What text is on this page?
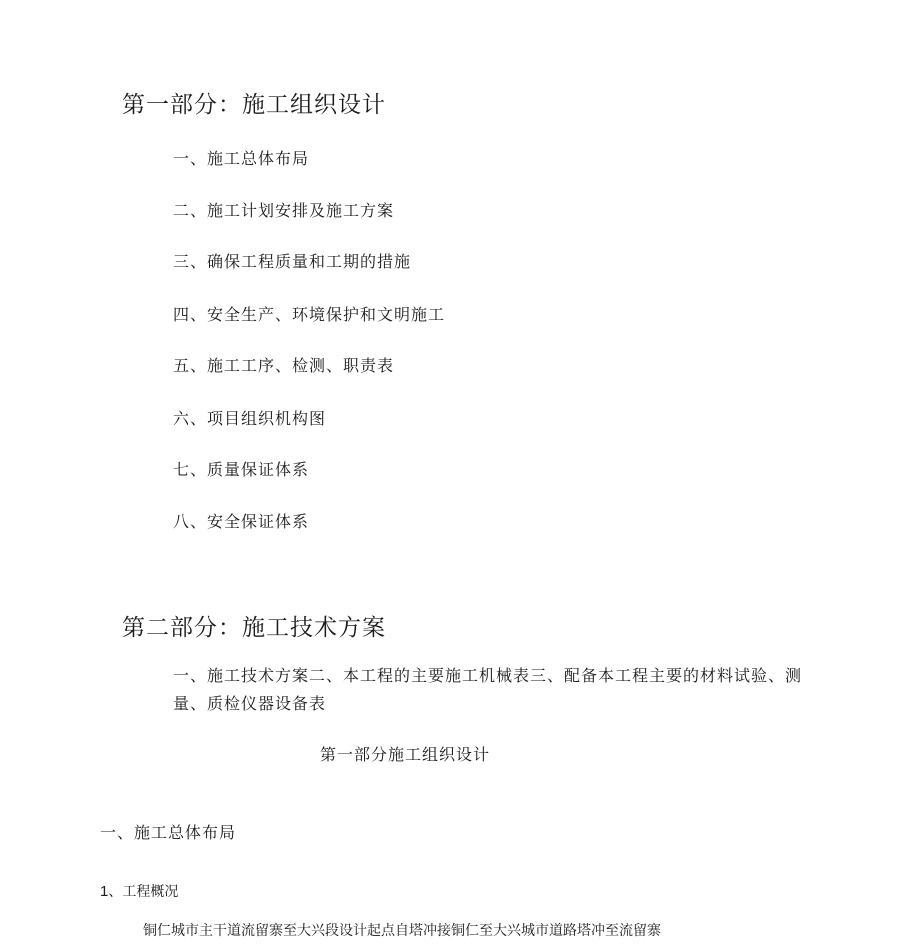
第一部分：施工组织设计
一、施工总体布局
二、施工计划安排及施工方案
三、确保工程质量和工期的措施
四、安全生产、环境保护和文明施工
五、施工工序、检测、职责表
六、项目组织机构图
七、质量保证体系
八、安全保证体系
第二部分：施工技术方案
一、施工技术方案二、本工程的主要施工机械表三、配备本工程主要的材料试验、测量、质检仪器设备表
第一部分施工组织设计
一、施工总体布局
1、工程概况
铜仁城市主干道流留寨至大兴段设计起点自塔冲接铜仁至大兴城市道路塔冲至流留寨
